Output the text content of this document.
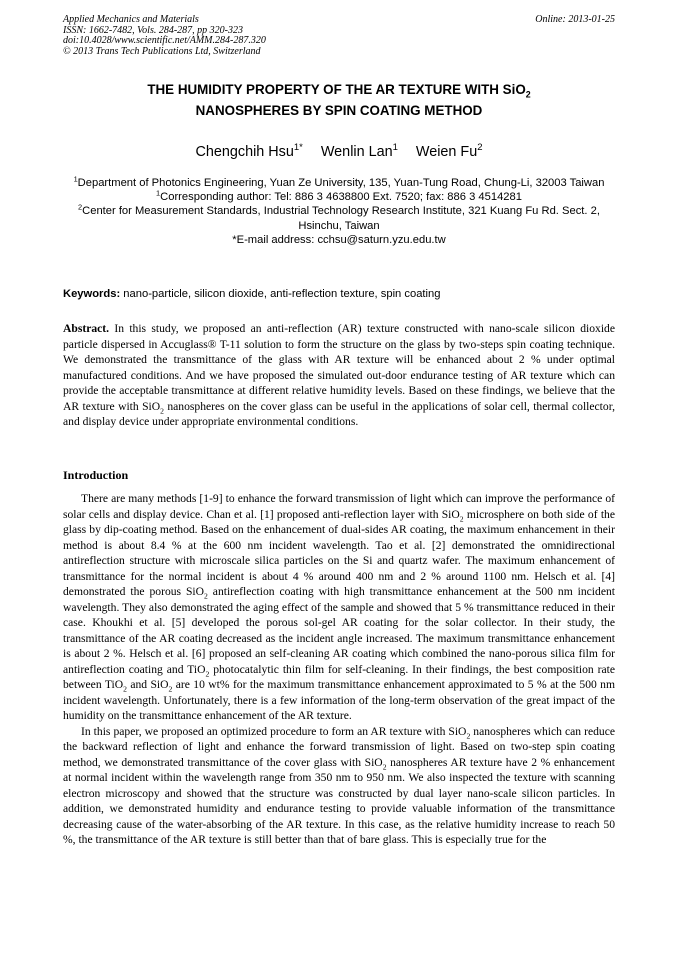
Applied Mechanics and Materials
ISSN: 1662-7482, Vols. 284-287, pp 320-323
doi:10.4028/www.scientific.net/AMM.284-287.320
© 2013 Trans Tech Publications Ltd, Switzerland
Online: 2013-01-25
THE HUMIDITY PROPERTY OF THE AR TEXTURE WITH SiO$_2$
NANOSPHERES BY SPIN COATING METHOD
Chengchih Hsu$^{1*}$ Wenlin Lan$^1$ Weien Fu$^2$
$^1$Department of Photonics Engineering, Yuan Ze University, 135, Yuan-Tung Road, Chung-Li, 32003 Taiwan
$^1$Corresponding author: Tel: 886 3 4638800 Ext. 7520; fax: 886 3 4514281
$^2$Center for Measurement Standards, Industrial Technology Research Institute, 321 Kuang Fu Rd. Sect. 2, Hsinchu, Taiwan
*E-mail address: cchsu@saturn.yzu.edu.tw
Keywords: nano-particle, silicon dioxide, anti-reflection texture, spin coating
Abstract. In this study, we proposed an anti-reflection (AR) texture constructed with nano-scale silicon dioxide particle dispersed in Accuglass® T-11 solution to form the structure on the glass by two-steps spin coating technique. We demonstrated the transmittance of the glass with AR texture will be enhanced about 2 % under optimal manufactured conditions. And we have proposed the simulated out-door endurance testing of AR texture which can provide the acceptable transmittance at different relative humidity levels. Based on these findings, we believe that the AR texture with SiO$_2$ nanospheres on the cover glass can be useful in the applications of solar cell, thermal collector, and display device under appropriate environmental conditions.
Introduction

There are many methods [1-9] to enhance the forward transmission of light which can improve the performance of solar cells and display device. Chan et al. [1] proposed anti-reflection layer with SiO$_2$ microsphere on both side of the glass by dip-coating method. Based on the enhancement of dual-sides AR coating, the maximum enhancement in their method is about 8.4 % at the 600 nm incident wavelength. Tao et al. [2] demonstrated the omnidirectional antireflection structure with microscale silica particles on the Si and quartz wafer. The maximum enhancement of transmittance for the normal incident is about 4 % around 400 nm and 2 % around 1100 nm. Helsch et al. [4] demonstrated the porous SiO$_2$ antireflection coating with high transmittance enhancement at the 500 nm incident wavelength. They also demonstrated the aging effect of the sample and showed that 5 % transmittance reduced in their case. Khoukhi et al. [5] developed the porous sol-gel AR coating for the solar collector. In their study, the transmittance of the AR coating decreased as the incident angle increased. The maximum transmittance enhancement is about 2 %. Helsch et al. [6] proposed an self-cleaning AR coating which combined the nano-porous silica film for antireflection coating and TiO$_2$ photocatalytic thin film for self-cleaning. In their findings, the best composition rate between TiO$_2$ and SiO$_2$ are 10 wt% for the maximum transmittance enhancement approximated to 5 % at the 500 nm incident wavelength. Unfortunately, there is a few information of the long-term observation of the great impact of the humidity on the transmittance enhancement of the AR texture.

In this paper, we proposed an optimized procedure to form an AR texture with SiO$_2$ nanospheres which can reduce the backward reflection of light and enhance the forward transmission of light. Based on two-step spin coating method, we demonstrated transmittance of the cover glass with SiO$_2$ nanospheres AR texture have 2 % enhancement at normal incident within the wavelength range from 350 nm to 950 nm. We also inspected the texture with scanning electron microscopy and showed that the structure was constructed by dual layer nano-scale silicon particles. In addition, we demonstrated humidity and endurance testing to provide valuable information of the transmittance decreasing cause of the water-absorbing of the AR texture. In this case, as the relative humidity increase to reach 50 %, the transmittance of the AR texture is still better than that of bare glass. This is especially true for the
